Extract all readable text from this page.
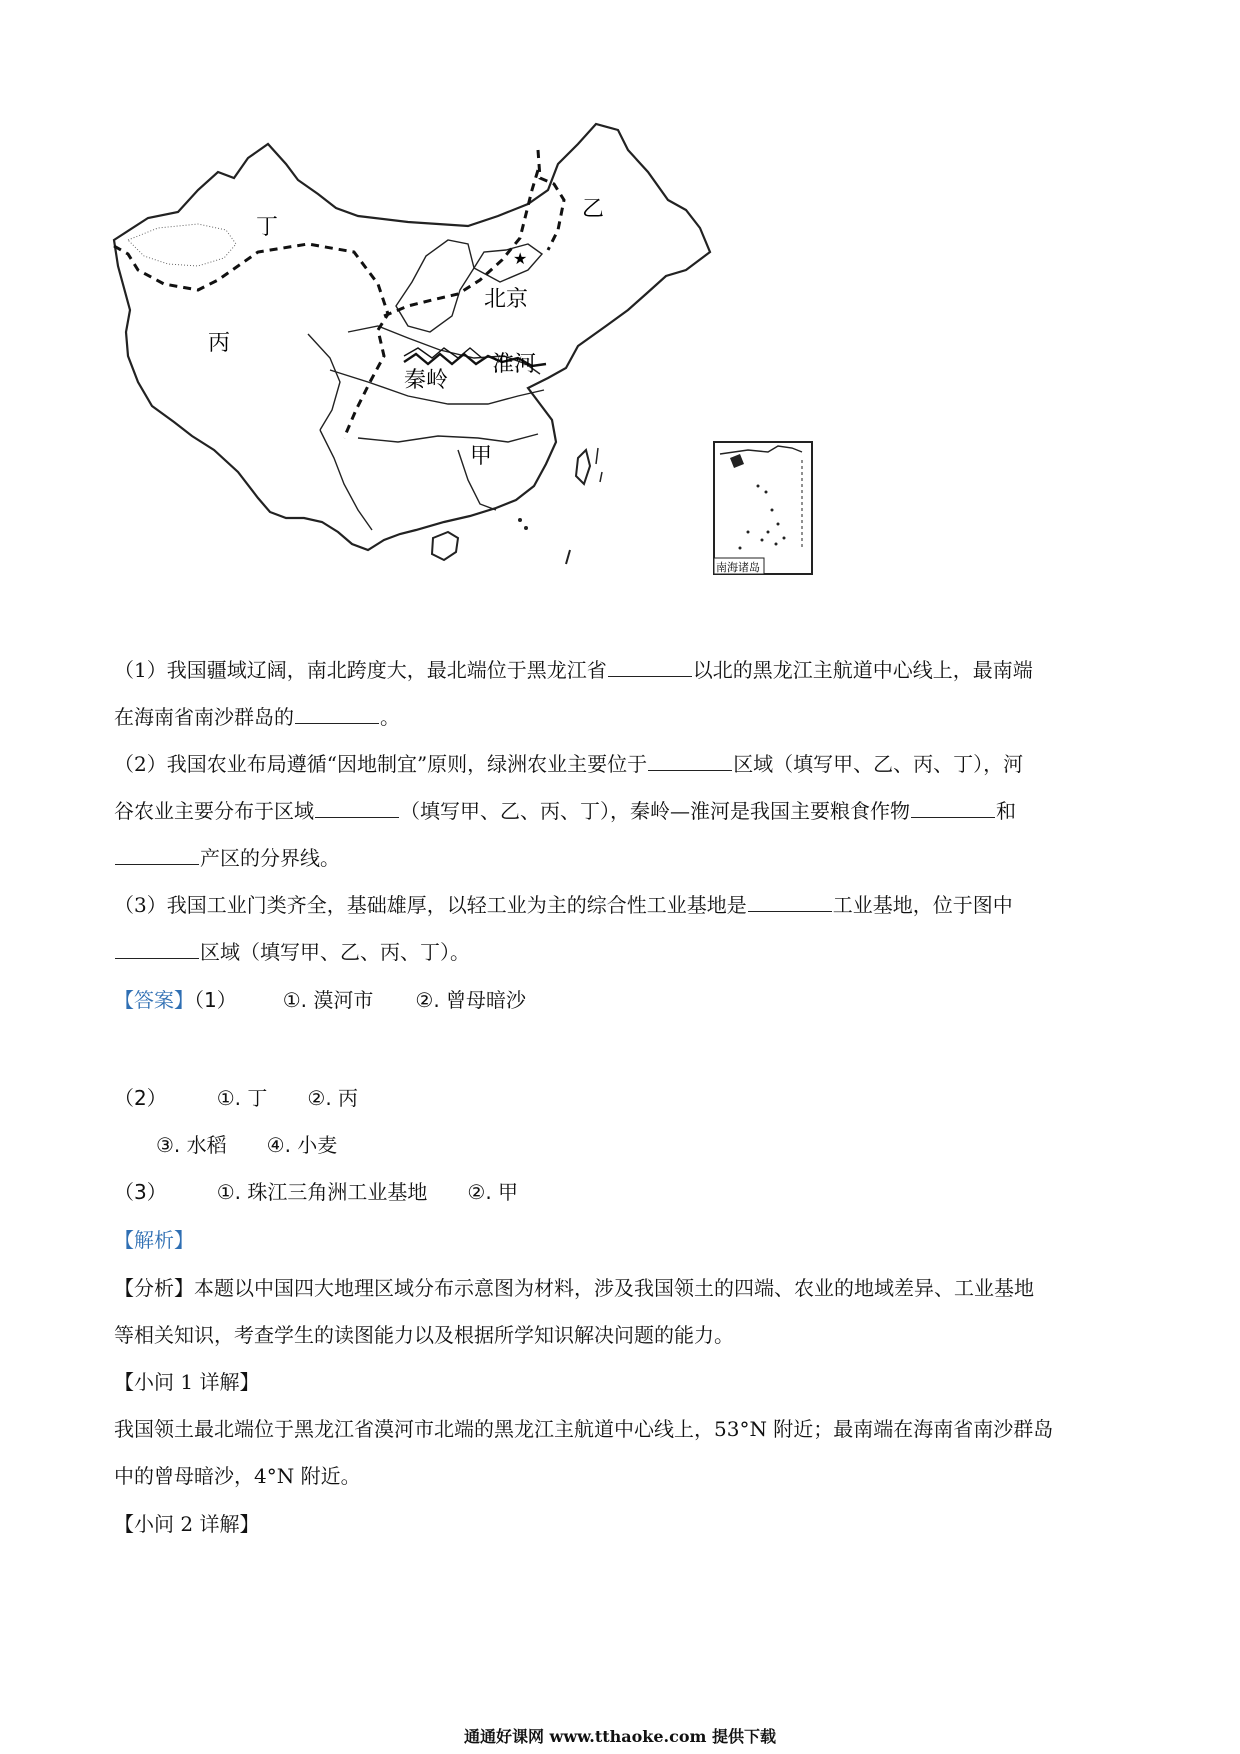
★
丁
乙
丙
甲
北京
秦岭
淮河
南海诸岛
（1）我国疆域辽阔，南北跨度大，最北端位于黑龙江省	以北的黑龙江主航道中心线上，最南端
在海南省南沙群岛的	。
（2）我国农业布局遵循“因地制宜”原则，绿洲农业主要位于	区域（填写甲、乙、丙、丁），河
谷农业主要分布于区域	（填写甲、乙、丙、丁），秦岭—淮河是我国主要粮食作物	和
产区的分界线。
（3）我国工业门类齐全，基础雄厚，以轻工业为主的综合性工业基地是	工业基地，位于图中
区域（填写甲、乙、丙、丁）。
【答案】（1） ①. 漠河市 ②. 曾母暗沙
（2）	①. 丁 ②. 丙
③. 水稻 ④. 小麦
（3）	①. 珠江三角洲工业基地 ②. 甲
【解析】
【分析】本题以中国四大地理区域分布示意图为材料，涉及我国领土的四端、农业的地域差异、工业基地
等相关知识，考查学生的读图能力以及根据所学知识解决问题的能力。
【小问 1 详解】
我国领土最北端位于黑龙江省漠河市北端的黑龙江主航道中心线上，53°N 附近；最南端在海南省南沙群岛
中的曾母暗沙，4°N 附近。
【小问 2 详解】
通通好课网 www.tthaoke.com 提供下载
